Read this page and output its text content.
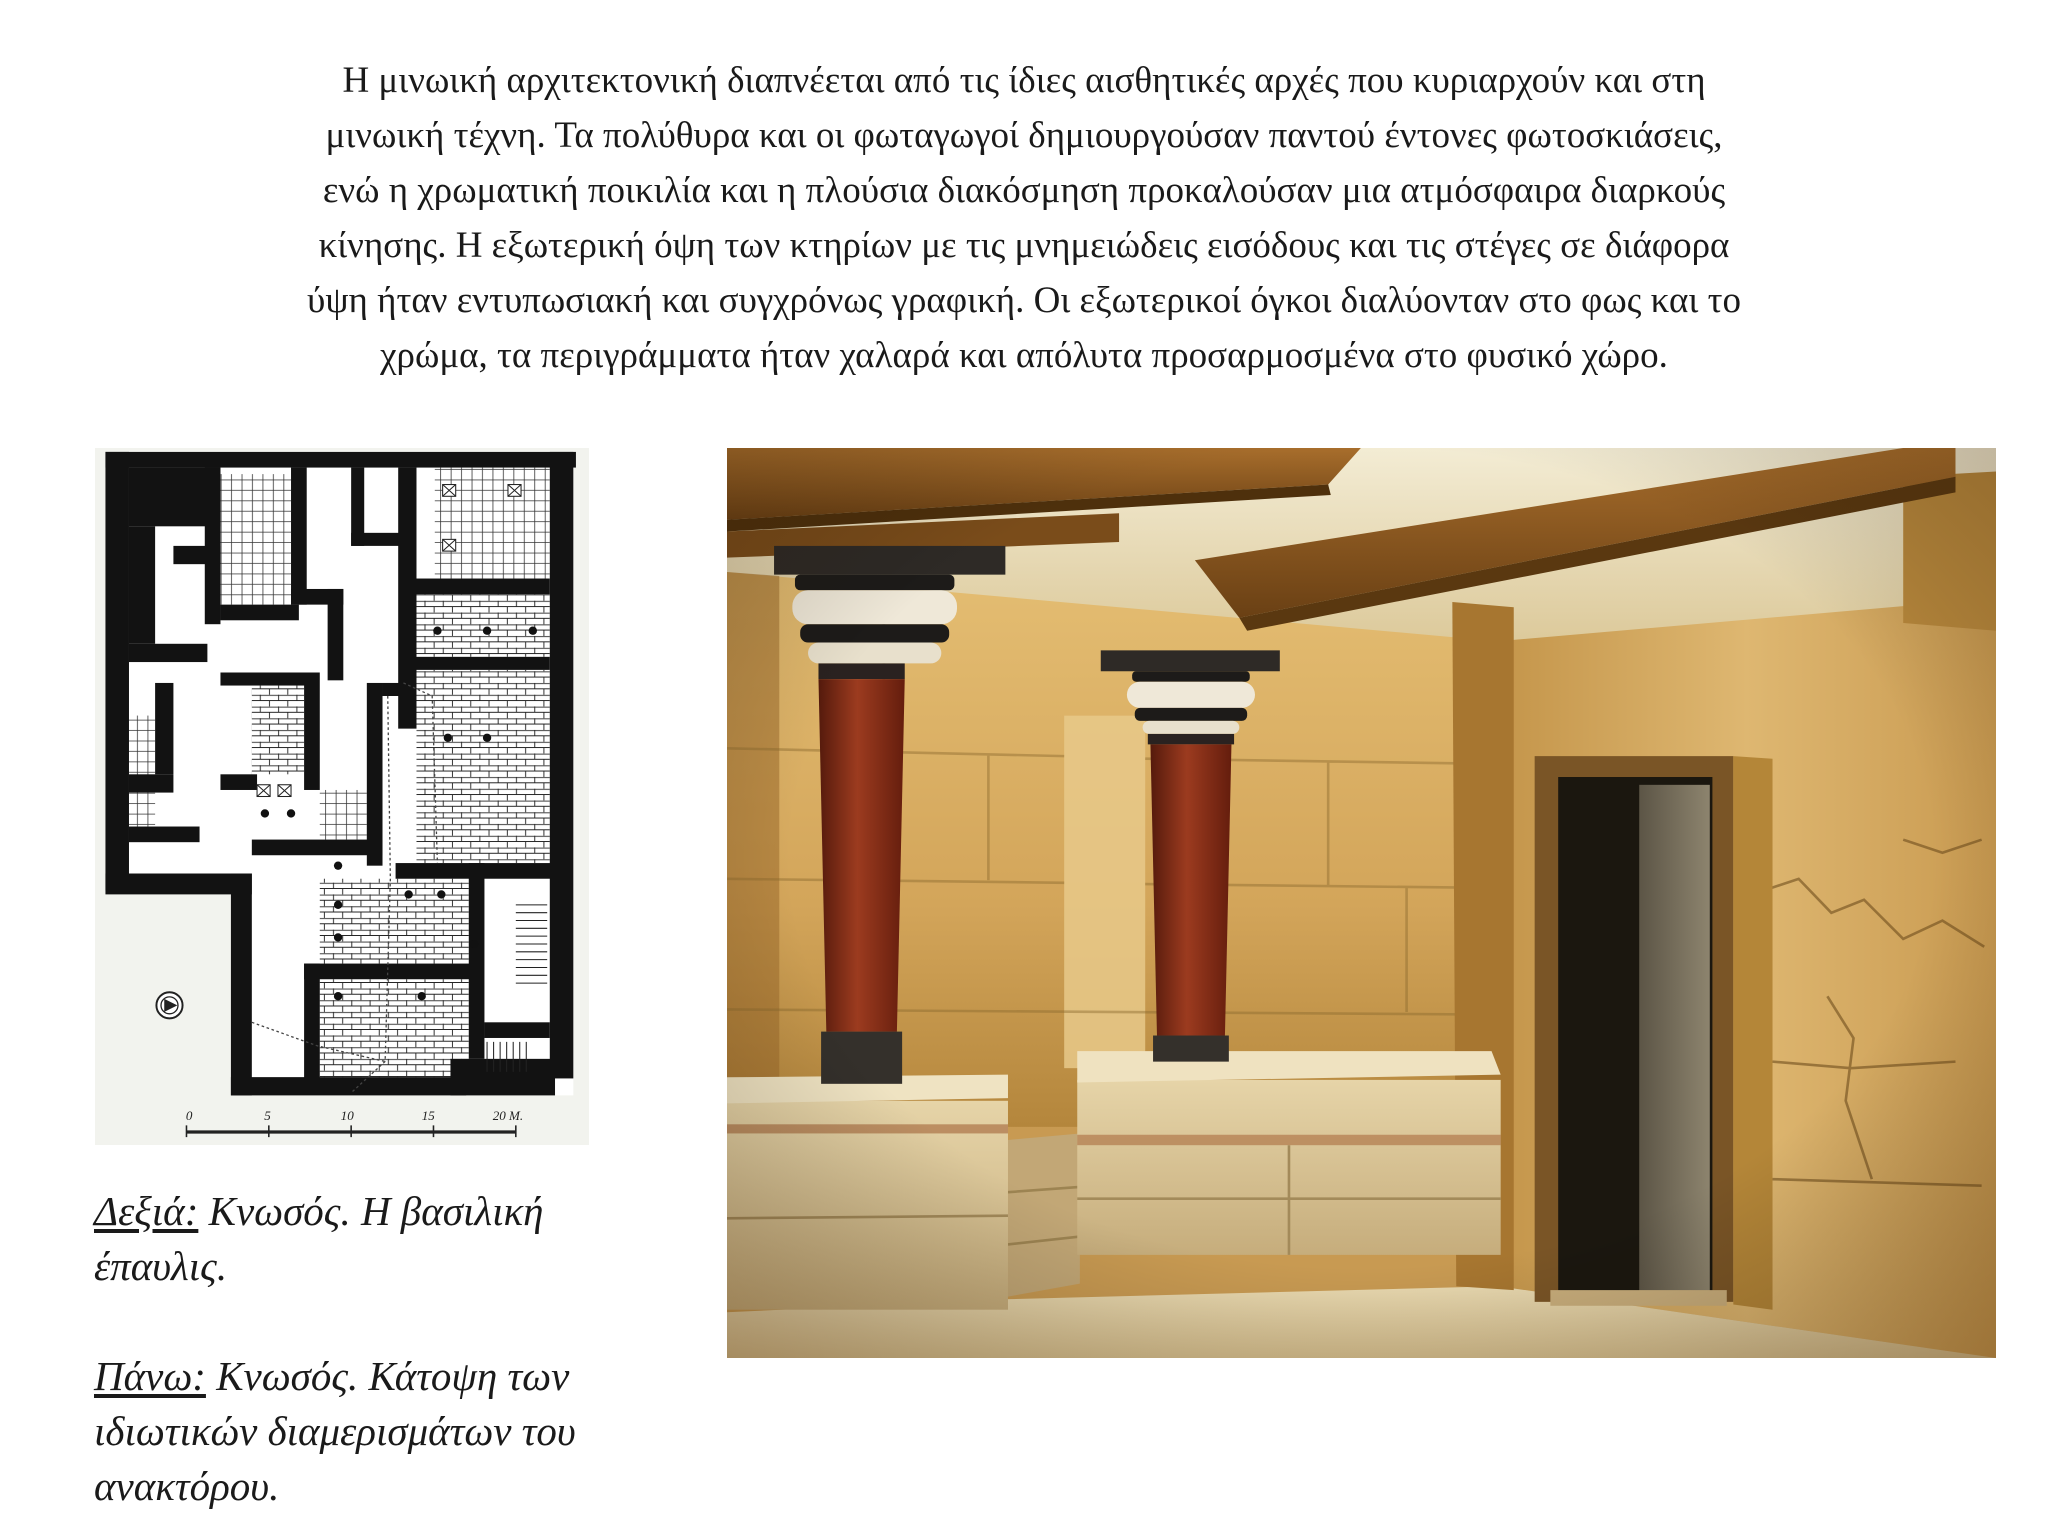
Η μινωική αρχιτεκτονική διαπνέεται από τις ίδιες αισθητικές αρχές που κυριαρχούν και στη
μινωική τέχνη. Τα πολύθυρα και οι φωταγωγοί δημιουργούσαν παντού έντονες φωτοσκιάσεις,
ενώ η χρωματική ποικιλία και η πλούσια διακόσμηση προκαλούσαν μια ατμόσφαιρα διαρκούς
κίνησης. Η εξωτερική όψη των κτηρίων με τις μνημειώδεις εισόδους και τις στέγες σε διάφορα
ύψη ήταν εντυπωσιακή και συγχρόνως γραφική. Οι εξωτερικοί όγκοι διαλύονταν στο φως και το
χρώμα, τα περιγράμματα ήταν χαλαρά και απόλυτα προσαρμοσμένα στο φυσικό χώρο.
0	5	10	15	20 M.
Δεξιά: Κνωσός. Η βασιλική
έπαυλις.
Πάνω: Κνωσός. Κάτοψη των
ιδιωτικών διαμερισμάτων του
ανακτόρου.
